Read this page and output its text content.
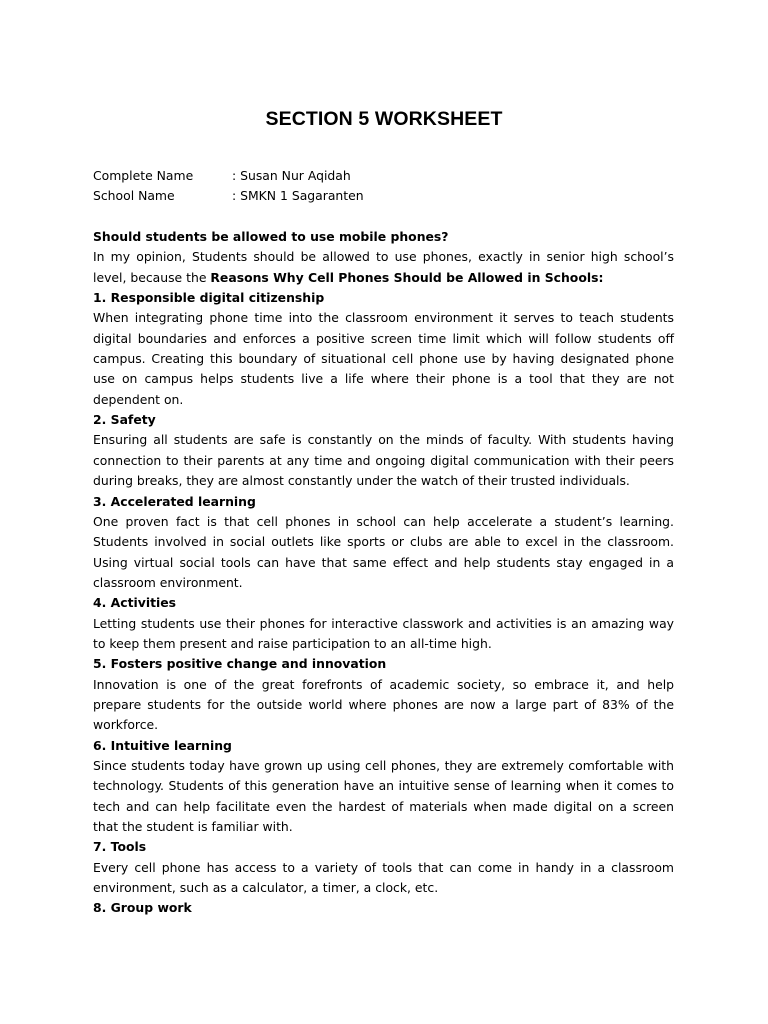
SECTION 5 WORKSHEET
Complete Name	: Susan Nur Aqidah
School Name	: SMKN 1 Sagaranten
Should students be allowed to use mobile phones?
In my opinion, Students should be allowed to use phones, exactly in senior high school’s level, because the Reasons Why Cell Phones Should be Allowed in Schools:
1. Responsible digital citizenship
When integrating phone time into the classroom environment it serves to teach students digital boundaries and enforces a positive screen time limit which will follow students off campus. Creating this boundary of situational cell phone use by having designated phone use on campus helps students live a life where their phone is a tool that they are not dependent on.
2. Safety
Ensuring all students are safe is constantly on the minds of faculty. With students having connection to their parents at any time and ongoing digital communication with their peers during breaks, they are almost constantly under the watch of their trusted individuals.
3. Accelerated learning
One proven fact is that cell phones in school can help accelerate a student’s learning. Students involved in social outlets like sports or clubs are able to excel in the classroom. Using virtual social tools can have that same effect and help students stay engaged in a classroom environment.
4. Activities
Letting students use their phones for interactive classwork and activities is an amazing way to keep them present and raise participation to an all-time high.
5. Fosters positive change and innovation
Innovation is one of the great forefronts of academic society, so embrace it, and help prepare students for the outside world where phones are now a large part of 83% of the workforce.
6. Intuitive learning
Since students today have grown up using cell phones, they are extremely comfortable with technology. Students of this generation have an intuitive sense of learning when it comes to tech and can help facilitate even the hardest of materials when made digital on a screen that the student is familiar with.
7. Tools
Every cell phone has access to a variety of tools that can come in handy in a classroom environment, such as a calculator, a timer, a clock, etc.
8. Group work
